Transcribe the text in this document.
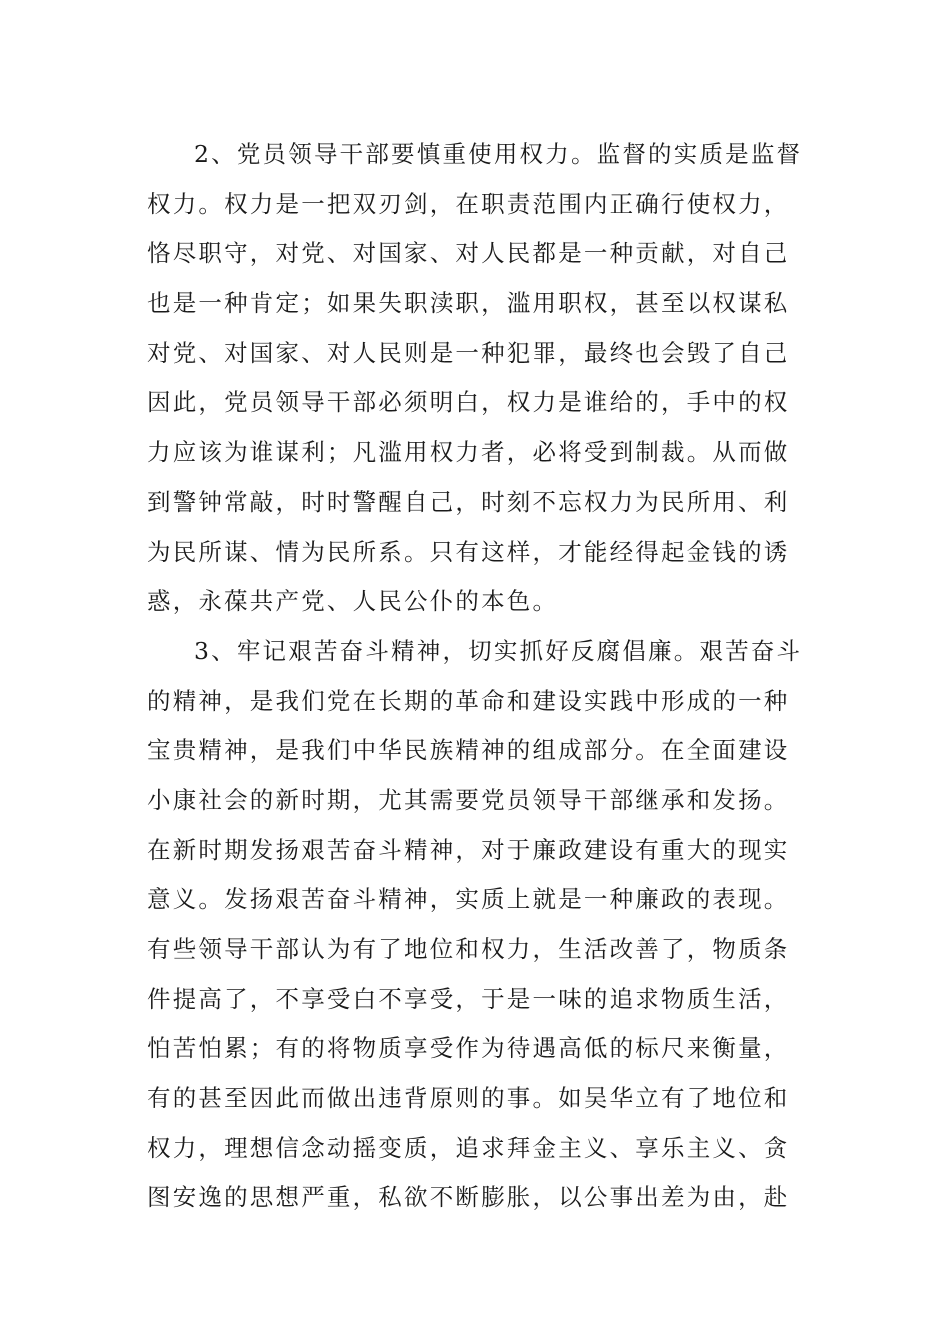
2、党员领导干部要慎重使用权力。监督的实质是监督
权力。权力是一把双刃剑，在职责范围内正确行使权力，
恪尽职守，对党、对国家、对人民都是一种贡献，对自己
也是一种肯定；如果失职渎职，滥用职权，甚至以权谋私
对党、对国家、对人民则是一种犯罪，最终也会毁了自己
因此，党员领导干部必须明白，权力是谁给的，手中的权
力应该为谁谋利；凡滥用权力者，必将受到制裁。从而做
到警钟常敲，时时警醒自己，时刻不忘权力为民所用、利
为民所谋、情为民所系。只有这样，才能经得起金钱的诱
惑，永葆共产党、人民公仆的本色。
3、牢记艰苦奋斗精神，切实抓好反腐倡廉。艰苦奋斗
的精神，是我们党在长期的革命和建设实践中形成的一种
宝贵精神，是我们中华民族精神的组成部分。在全面建设
小康社会的新时期，尤其需要党员领导干部继承和发扬。
在新时期发扬艰苦奋斗精神，对于廉政建设有重大的现实
意义。发扬艰苦奋斗精神，实质上就是一种廉政的表现。
有些领导干部认为有了地位和权力，生活改善了，物质条
件提高了，不享受白不享受，于是一味的追求物质生活，
怕苦怕累；有的将物质享受作为待遇高低的标尺来衡量，
有的甚至因此而做出违背原则的事。如吴华立有了地位和
权力，理想信念动摇变质，追求拜金主义、享乐主义、贪
图安逸的思想严重，私欲不断膨胀，以公事出差为由，赴
